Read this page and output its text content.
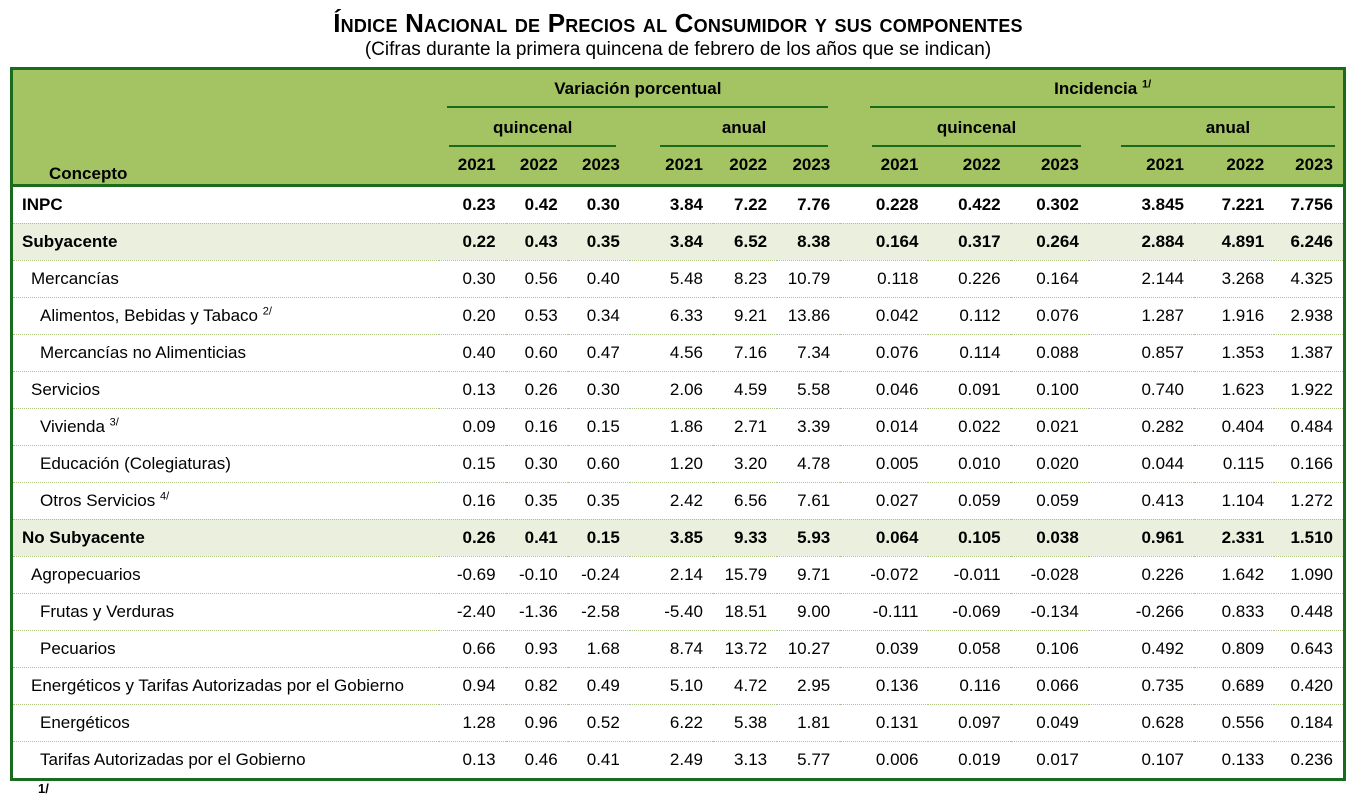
Índice Nacional de Precios al Consumidor y sus componentes
(Cifras durante la primera quincena de febrero de los años que se indican)
Concepto	Variación porcentual						Incidencia $^{1/}$

	quincenal			anual			quincenal			anual		

	2021	2022	2023	2021	2022	2023	2021	2022	2023	2021	2022	2023
INPC	0.23	0.42	0.30	3.84	7.22	7.76	0.228	0.422	0.302	3.845	7.221	7.756
Subyacente	0.22	0.43	0.35	3.84	6.52	8.38	0.164	0.317	0.264	2.884	4.891	6.246
Mercancías	0.30	0.56	0.40	5.48	8.23	10.79	0.118	0.226	0.164	2.144	3.268	4.325
Alimentos, Bebidas y Tabaco $^{2/}$	0.20	0.53	0.34	6.33	9.21	13.86	0.042	0.112	0.076	1.287	1.916	2.938
Mercancías no Alimenticias	0.40	0.60	0.47	4.56	7.16	7.34	0.076	0.114	0.088	0.857	1.353	1.387
Servicios	0.13	0.26	0.30	2.06	4.59	5.58	0.046	0.091	0.100	0.740	1.623	1.922
Vivienda $^{3/}$	0.09	0.16	0.15	1.86	2.71	3.39	0.014	0.022	0.021	0.282	0.404	0.484
Educación (Colegiaturas)	0.15	0.30	0.60	1.20	3.20	4.78	0.005	0.010	0.020	0.044	0.115	0.166
Otros Servicios $^{4/}$	0.16	0.35	0.35	2.42	6.56	7.61	0.027	0.059	0.059	0.413	1.104	1.272
No Subyacente	0.26	0.41	0.15	3.85	9.33	5.93	0.064	0.105	0.038	0.961	2.331	1.510
Agropecuarios	-0.69	-0.10	-0.24	2.14	15.79	9.71	-0.072	-0.011	-0.028	0.226	1.642	1.090
Frutas y Verduras	-2.40	-1.36	-2.58	-5.40	18.51	9.00	-0.111	-0.069	-0.134	-0.266	0.833	0.448
Pecuarios	0.66	0.93	1.68	8.74	13.72	10.27	0.039	0.058	0.106	0.492	0.809	0.643
Energéticos y Tarifas Autorizadas por el Gobierno	0.94	0.82	0.49	5.10	4.72	2.95	0.136	0.116	0.066	0.735	0.689	0.420
Energéticos	1.28	0.96	0.52	6.22	5.38	1.81	0.131	0.097	0.049	0.628	0.556	0.184
Tarifas Autorizadas por el Gobierno	0.13	0.46	0.41	2.49	3.13	5.77	0.006	0.019	0.017	0.107	0.133	0.236
1/
